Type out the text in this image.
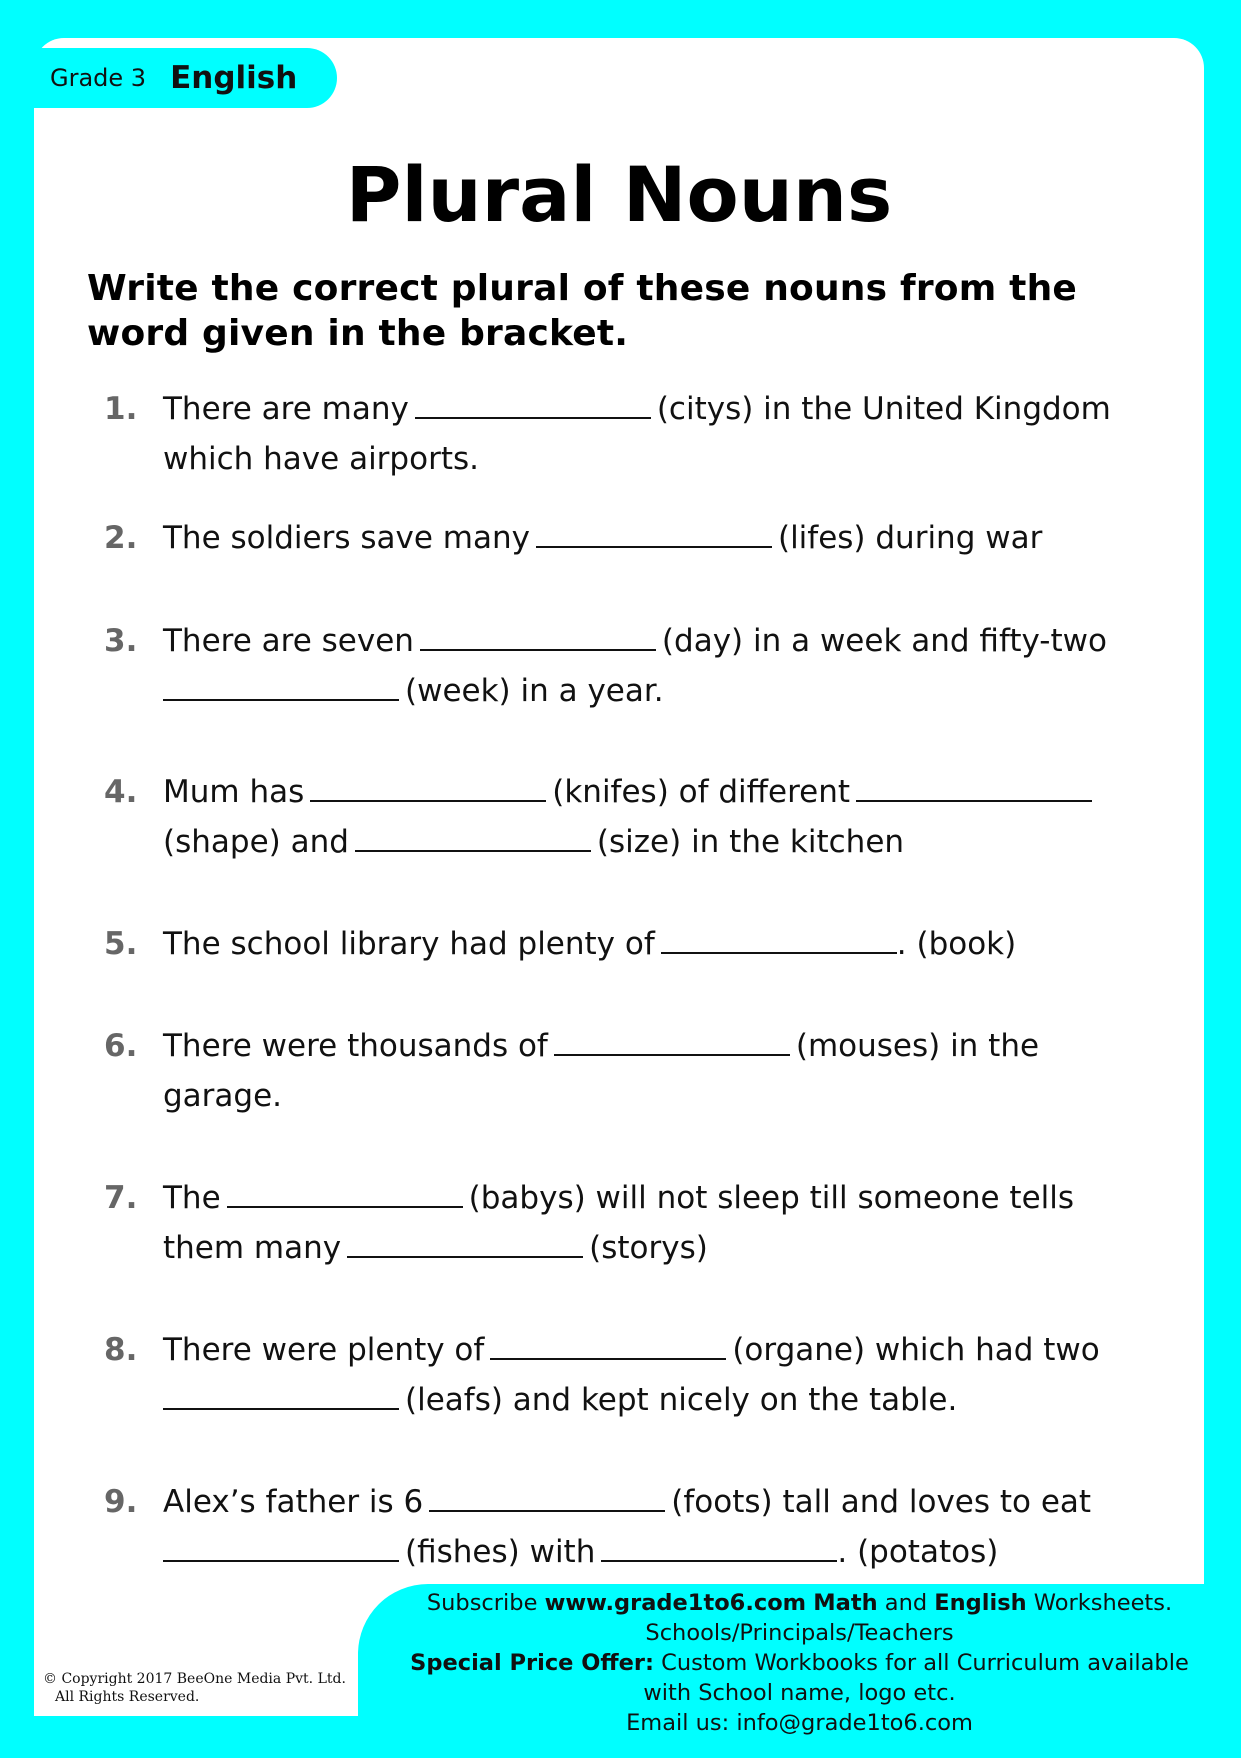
Grade 3 English
Plural Nouns
Write the correct plural of these nouns from the word given in the bracket.
1. There are many	(citys) in the United Kingdom
which have airports.
2. The soldiers save many	(lifes) during war
3. There are seven	(day) in a week and fifty-two
(week) in a year.
4. Mum has	(knifes) of different
(shape) and	(size) in the kitchen
5. The school library had plenty of	. (book)
6. There were thousands of	(mouses) in the
garage.
7. The	(babys) will not sleep till someone tells
them many	(storys)
8. There were plenty of	(organe) which had two
(leafs) and kept nicely on the table.
9. Alex’s father is 6	(foots) tall and loves to eat
(fishes) with	. (potatos)
Subscribe www.grade1to6.com Math and English Worksheets.
Schools/Principals/Teachers
Special Price Offer: Custom Workbooks for all Curriculum available
with School name, logo etc.
Email us: info@grade1to6.com
© Copyright 2017 BeeOne Media Pvt. Ltd.
All Rights Reserved.
